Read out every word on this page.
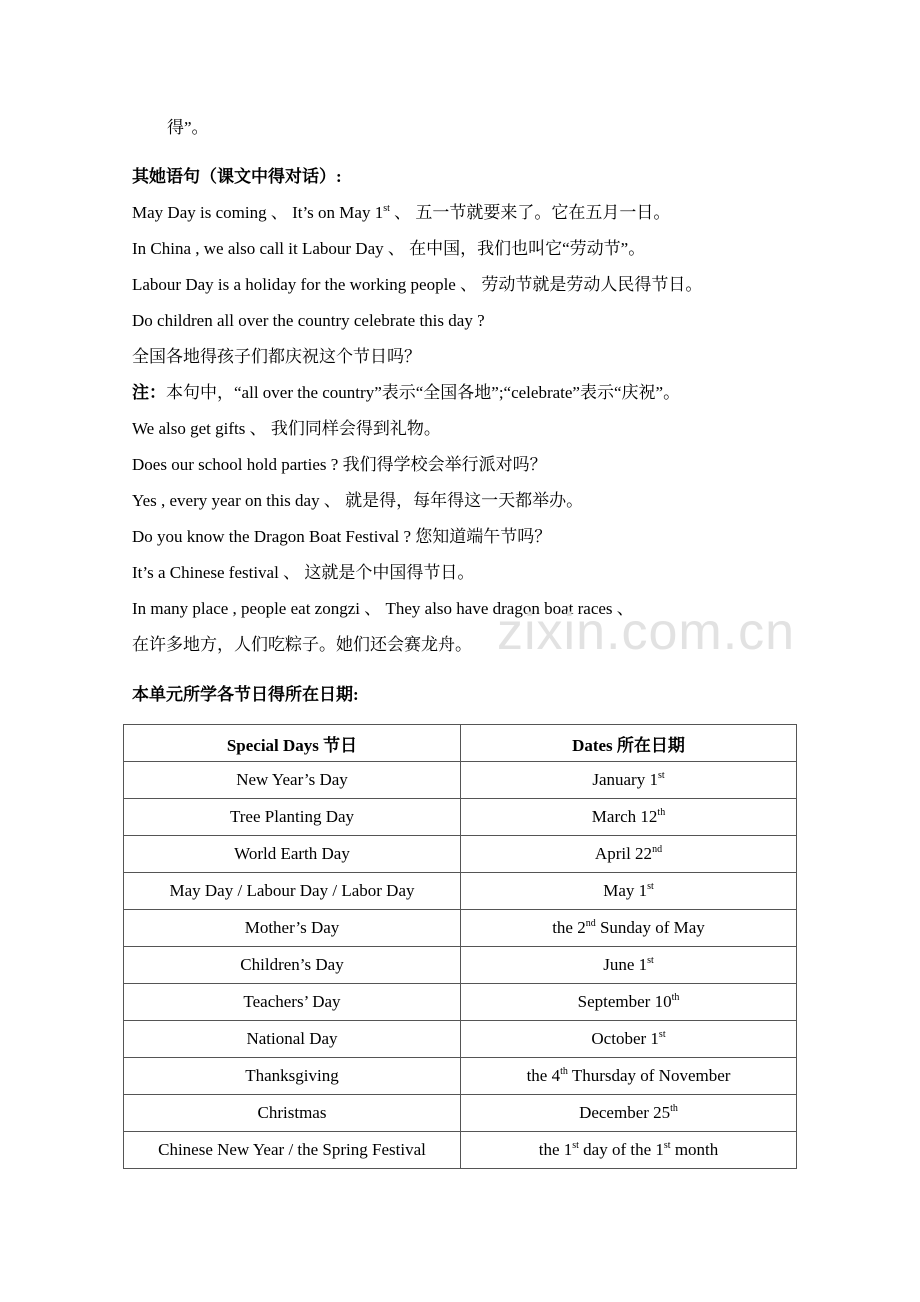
得”。
其她语句（课文中得对话）:
May Day is coming 、 It’s on May 1st 、 五一节就要来了。它在五月一日。
In China , we also call it Labour Day 、 在中国，我们也叫它“劳动节”。
Labour Day is a holiday for the working people 、 劳动节就是劳动人民得节日。
Do children all over the country celebrate this day ?
全国各地得孩子们都庆祝这个节日吗？
注：本句中，“all over the country”表示“全国各地”;“celebrate”表示“庆祝”。
We also get gifts 、 我们同样会得到礼物。
Does our school hold parties ? 我们得学校会举行派对吗？
Yes , every year on this day 、 就是得，每年得这一天都举办。
Do you know the Dragon Boat Festival ? 您知道端午节吗？
It’s a Chinese festival 、 这就是个中国得节日。
In many place , people eat zongzi 、 They also have dragon boat races 、
在许多地方，人们吃粽子。她们还会赛龙舟。 zixin.com.cn
本单元所学各节日得所在日期:
Special Days 节日	Dates 所在日期
New Year’s Day	January 1st
Tree Planting Day	March 12th
World Earth Day	April 22nd
May Day / Labour Day / Labor Day	May 1st
Mother’s Day	the 2nd Sunday of May
Children’s Day	June 1st
Teachers’ Day	September 10th
National Day	October 1st
Thanksgiving	the 4th Thursday of November
Christmas	December 25th
Chinese New Year / the Spring Festival	the 1st day of the 1st month
